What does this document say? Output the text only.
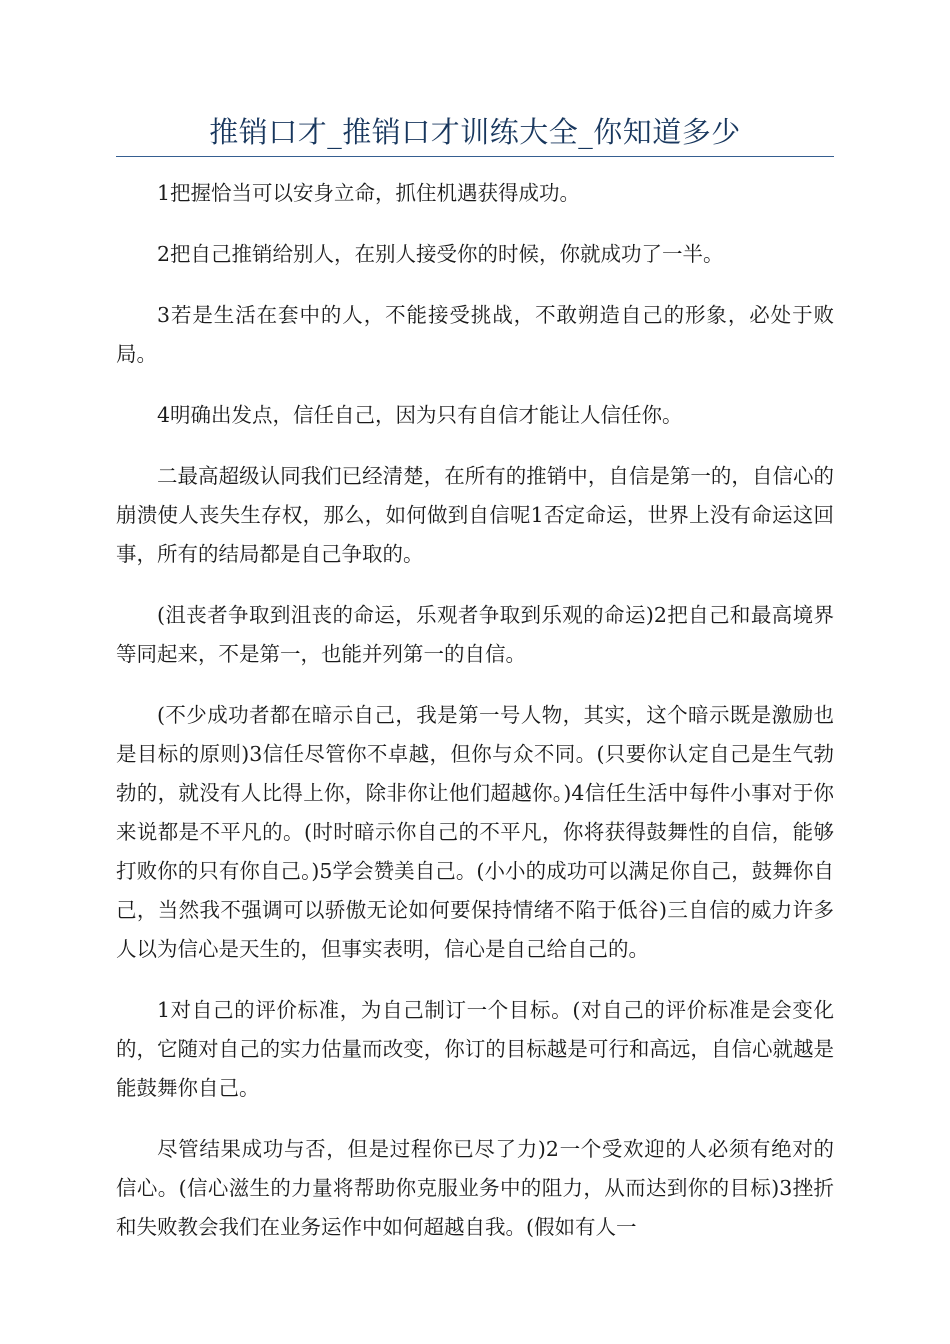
推销口才_推销口才训练大全_你知道多少

1把握恰当可以安身立命，抓住机遇获得成功。

2把自己推销给别人，在别人接受你的时候，你就成功了一半。

3若是生活在套中的人，不能接受挑战，不敢朔造自己的形象，必处于败局。

4明确出发点，信任自己，因为只有自信才能让人信任你。

二最高超级认同我们已经清楚，在所有的推销中，自信是第一的，自信心的崩溃使人丧失生存权，那么，如何做到自信呢1否定命运，世界上没有命运这回事，所有的结局都是自己争取的。

(沮丧者争取到沮丧的命运，乐观者争取到乐观的命运)2把自己和最高境界等同起来，不是第一，也能并列第一的自信。

(不少成功者都在暗示自己，我是第一号人物，其实，这个暗示既是激励也是目标的原则)3信任尽管你不卓越，但你与众不同。(只要你认定自己是生气勃勃的，就没有人比得上你，除非你让他们超越你。)4信任生活中每件小事对于你来说都是不平凡的。(时时暗示你自己的不平凡，你将获得鼓舞性的自信，能够打败你的只有你自己。)5学会赞美自己。(小小的成功可以满足你自己，鼓舞你自己，当然我不强调可以骄傲无论如何要保持情绪不陷于低谷)三自信的威力许多人以为信心是天生的，但事实表明，信心是自己给自己的。

1对自己的评价标准，为自己制订一个目标。(对自己的评价标准是会变化的，它随对自己的实力估量而改变，你订的目标越是可行和高远，自信心就越是能鼓舞你自己。

尽管结果成功与否，但是过程你已尽了力)2一个受欢迎的人必须有绝对的信心。(信心滋生的力量将帮助你克服业务中的阻力，从而达到你的目标)3挫折和失败教会我们在业务运作中如何超越自我。(假如有人一
